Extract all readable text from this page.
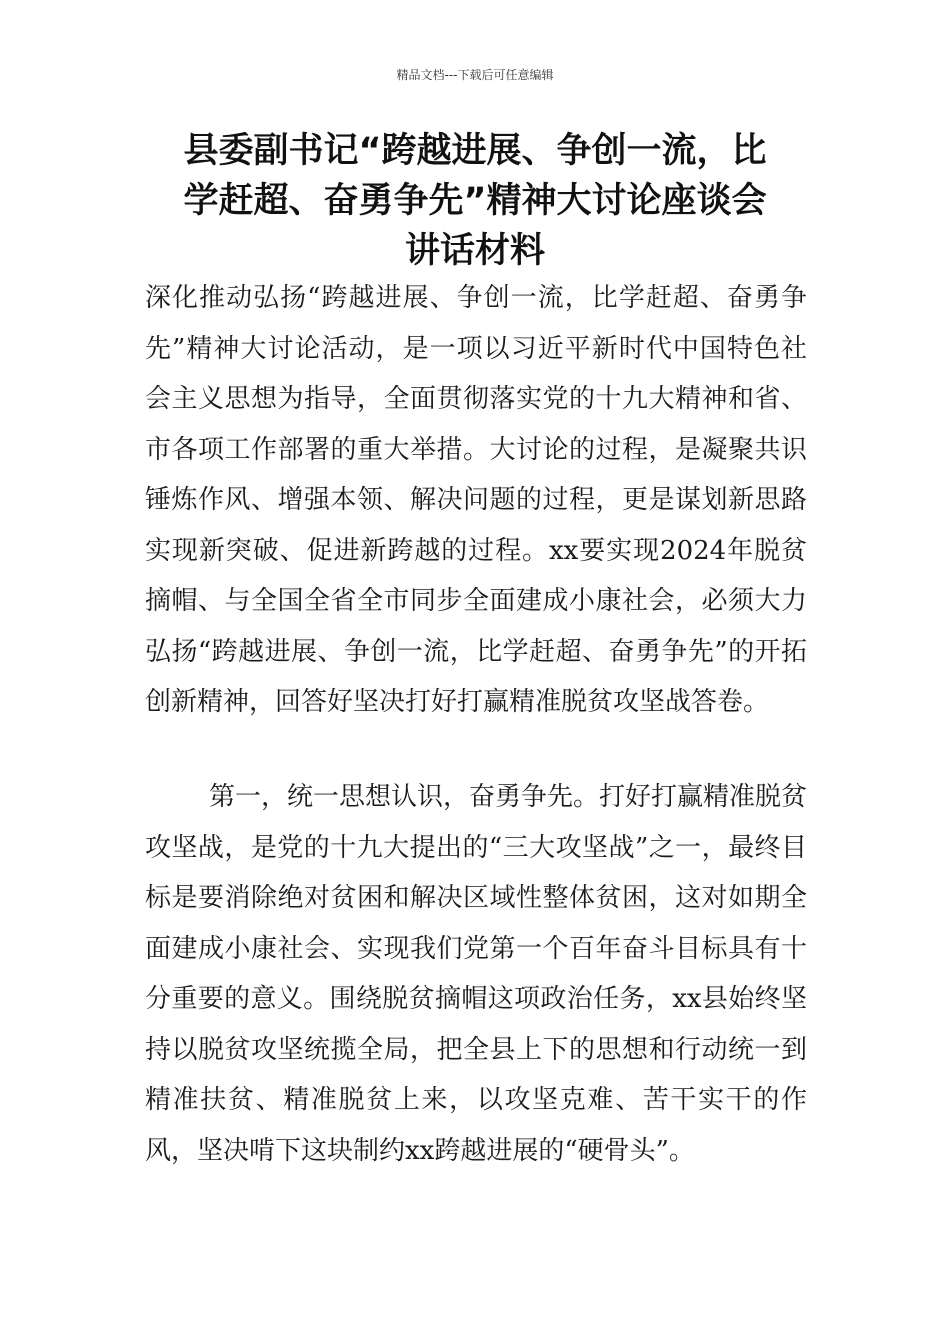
精品文档---下载后可任意编辑
县委副书记“跨越进展、争创一流，比
学赶超、奋勇争先”精神大讨论座谈会
讲话材料

深化推动弘扬“跨越进展、争创一流，比学赶超、奋勇争先”精神大讨论活动，是一项以习近平新时代中国特色社会主义思想为指导，全面贯彻落实党的十九大精神和省、市各项工作部署的重大举措。大讨论的过程，是凝聚共识锤炼作风、增强本领、解决问题的过程，更是谋划新思路实现新突破、促进新跨越的过程。xx要实现2024年脱贫摘帽、与全国全省全市同步全面建成小康社会，必须大力弘扬“跨越进展、争创一流，比学赶超、奋勇争先”的开拓创新精神，回答好坚决打好打赢精准脱贫攻坚战答卷。

第一，统一思想认识，奋勇争先。打好打赢精准脱贫攻坚战，是党的十九大提出的“三大攻坚战”之一，最终目标是要消除绝对贫困和解决区域性整体贫困，这对如期全面建成小康社会、实现我们党第一个百年奋斗目标具有十分重要的意义。围绕脱贫摘帽这项政治任务，xx县始终坚持以脱贫攻坚统揽全局，把全县上下的思想和行动统一到精准扶贫、精准脱贫上来，以攻坚克难、苦干实干的作风，坚决啃下这块制约xx跨越进展的“硬骨头”。
